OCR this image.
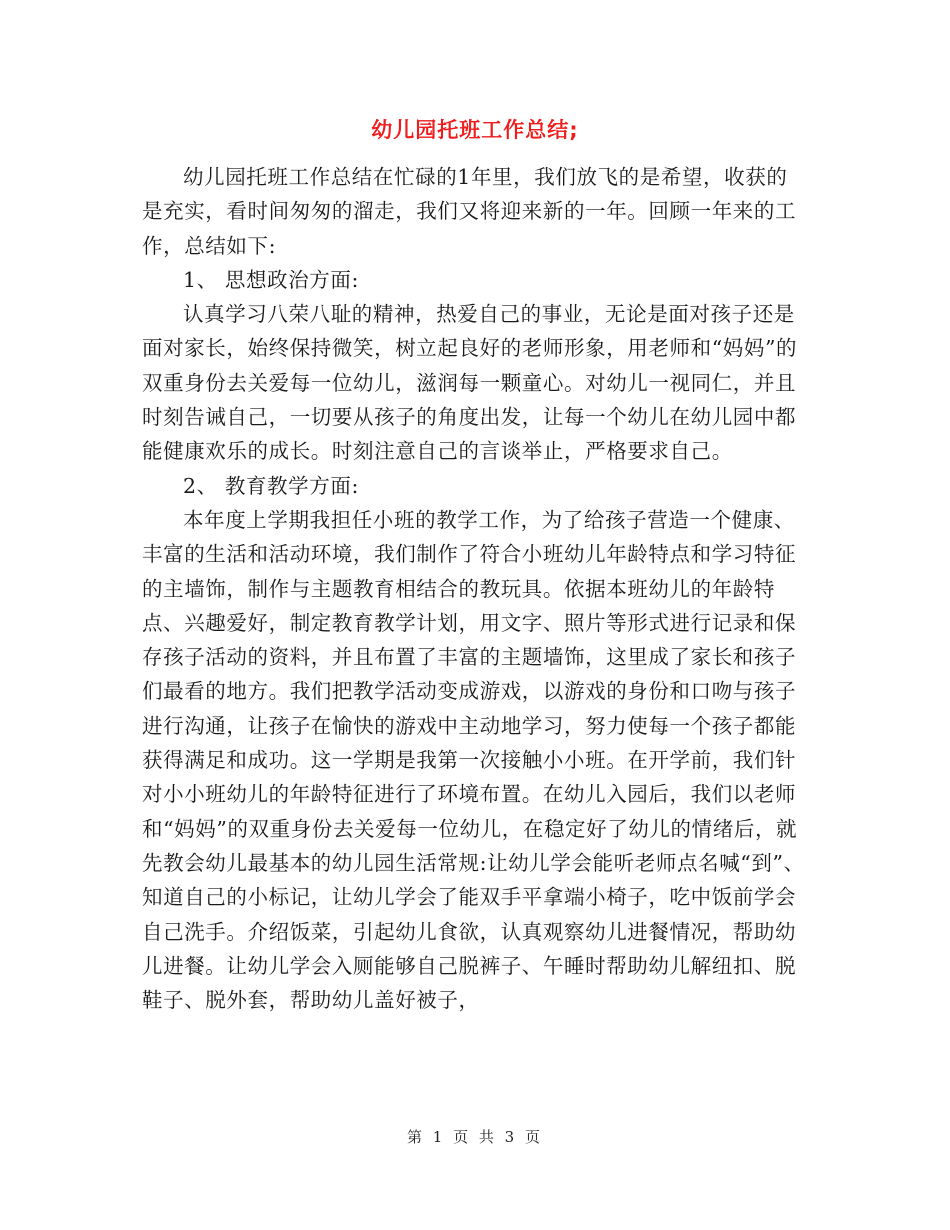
幼儿园托班工作总结;

幼儿园托班工作总结在忙碌的1年里，我们放飞的是希望，收获的是充实，看时间匆匆的溜走，我们又将迎来新的一年。回顾一年来的工作，总结如下:

1、 思想政治方面:

认真学习八荣八耻的精神，热爱自己的事业，无论是面对孩子还是面对家长，始终保持微笑，树立起良好的老师形象，用老师和“妈妈”的双重身份去关爱每一位幼儿，滋润每一颗童心。对幼儿一视同仁，并且时刻告诫自己，一切要从孩子的角度出发，让每一个幼儿在幼儿园中都能健康欢乐的成长。时刻注意自己的言谈举止，严格要求自己。

2、 教育教学方面:

本年度上学期我担任小班的教学工作，为了给孩子营造一个健康、丰富的生活和活动环境，我们制作了符合小班幼儿年龄特点和学习特征的主墙饰，制作与主题教育相结合的教玩具。依据本班幼儿的年龄特点、兴趣爱好，制定教育教学计划，用文字、照片等形式进行记录和保存孩子活动的资料，并且布置了丰富的主题墙饰，这里成了家长和孩子们最看的地方。我们把教学活动变成游戏，以游戏的身份和口吻与孩子进行沟通，让孩子在愉快的游戏中主动地学习，努力使每一个孩子都能获得满足和成功。这一学期是我第一次接触小小班。在开学前，我们针对小小班幼儿的年龄特征进行了环境布置。在幼儿入园后，我们以老师和“妈妈”的双重身份去关爱每一位幼儿，在稳定好了幼儿的情绪后，就先教会幼儿最基本的幼儿园生活常规:让幼儿学会能听老师点名喊“到”、知道自己的小标记，让幼儿学会了能双手平拿端小椅子，吃中饭前学会自己洗手。介绍饭菜，引起幼儿食欲，认真观察幼儿进餐情况，帮助幼儿进餐。让幼儿学会入厕能够自己脱裤子、午睡时帮助幼儿解纽扣、脱鞋子、脱外套，帮助幼儿盖好被子，

第 1 页 共 3 页
